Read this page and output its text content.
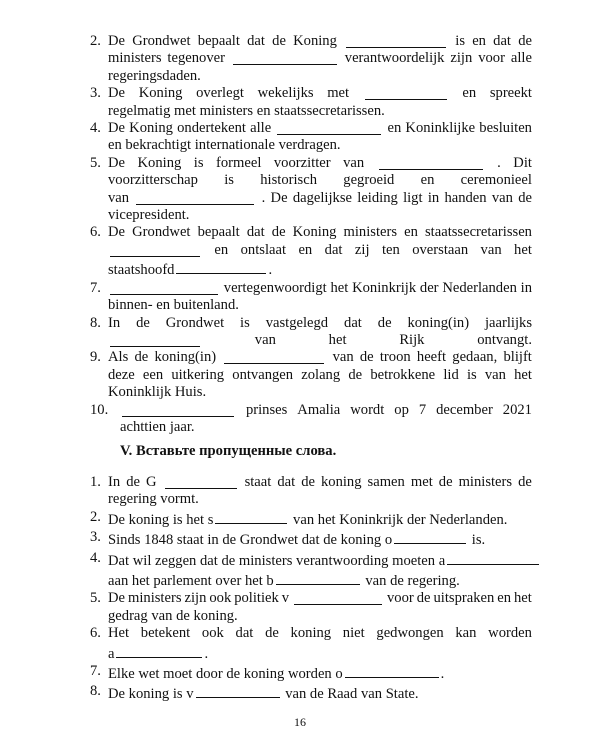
2. De Grondwet bepaalt dat de Koning	is en dat de
ministers tegenover	verantwoordelijk zijn voor alle
regeringsdaden.
3. De Koning overlegt wekelijks met	en spreekt
regelmatig met ministers en staatssecretarissen.
4. De Koning ondertekent alle	en Koninklijke besluiten
en bekrachtigt internationale verdragen.
5. De Koning is formeel voorzitter van	. Dit
voorzitterschap is historisch gegroeid en ceremonieel
van	. De dagelijkse leiding ligt in handen van de
vicepresident.
6. De Grondwet bepaalt dat de Koning ministers en staatssecretarissen
en ontslaat en dat zij ten overstaan van het
staatshoofd	.
7.	vertegenwoordigt het Koninkrijk der Nederlanden in
binnen- en buitenland.
8. In de Grondwet is vastgelegd dat de koning(in) jaarlijks
van	het	Rijk	ontvangt.
9. Als de koning(in)	van de troon heeft gedaan, blijft
deze een uitkering ontvangen zolang de betrokkene lid is van het
Koninklijk Huis.
10.	prinses Amalia wordt op 7 december 2021
achttien jaar.
V. Вставьте пропущенные слова.
1. In de G	staat dat de koning samen met de ministers de
regering vormt.
2. De koning is het s	van het Koninkrijk der Nederlanden.
3. Sinds 1848 staat in de Grondwet dat de koning o	is.
4. Dat wil zeggen dat de ministers verantwoording moeten a
aan het parlement over het b	van de regering.
5. De ministers zijn ook politiek v	voor de uitspraken en het
gedrag van de koning.
6. Het betekent ook dat de koning niet gedwongen kan worden
a	.
7. Elke wet moet door de koning worden o	.
8. De koning is v	van de Raad van State.
16
